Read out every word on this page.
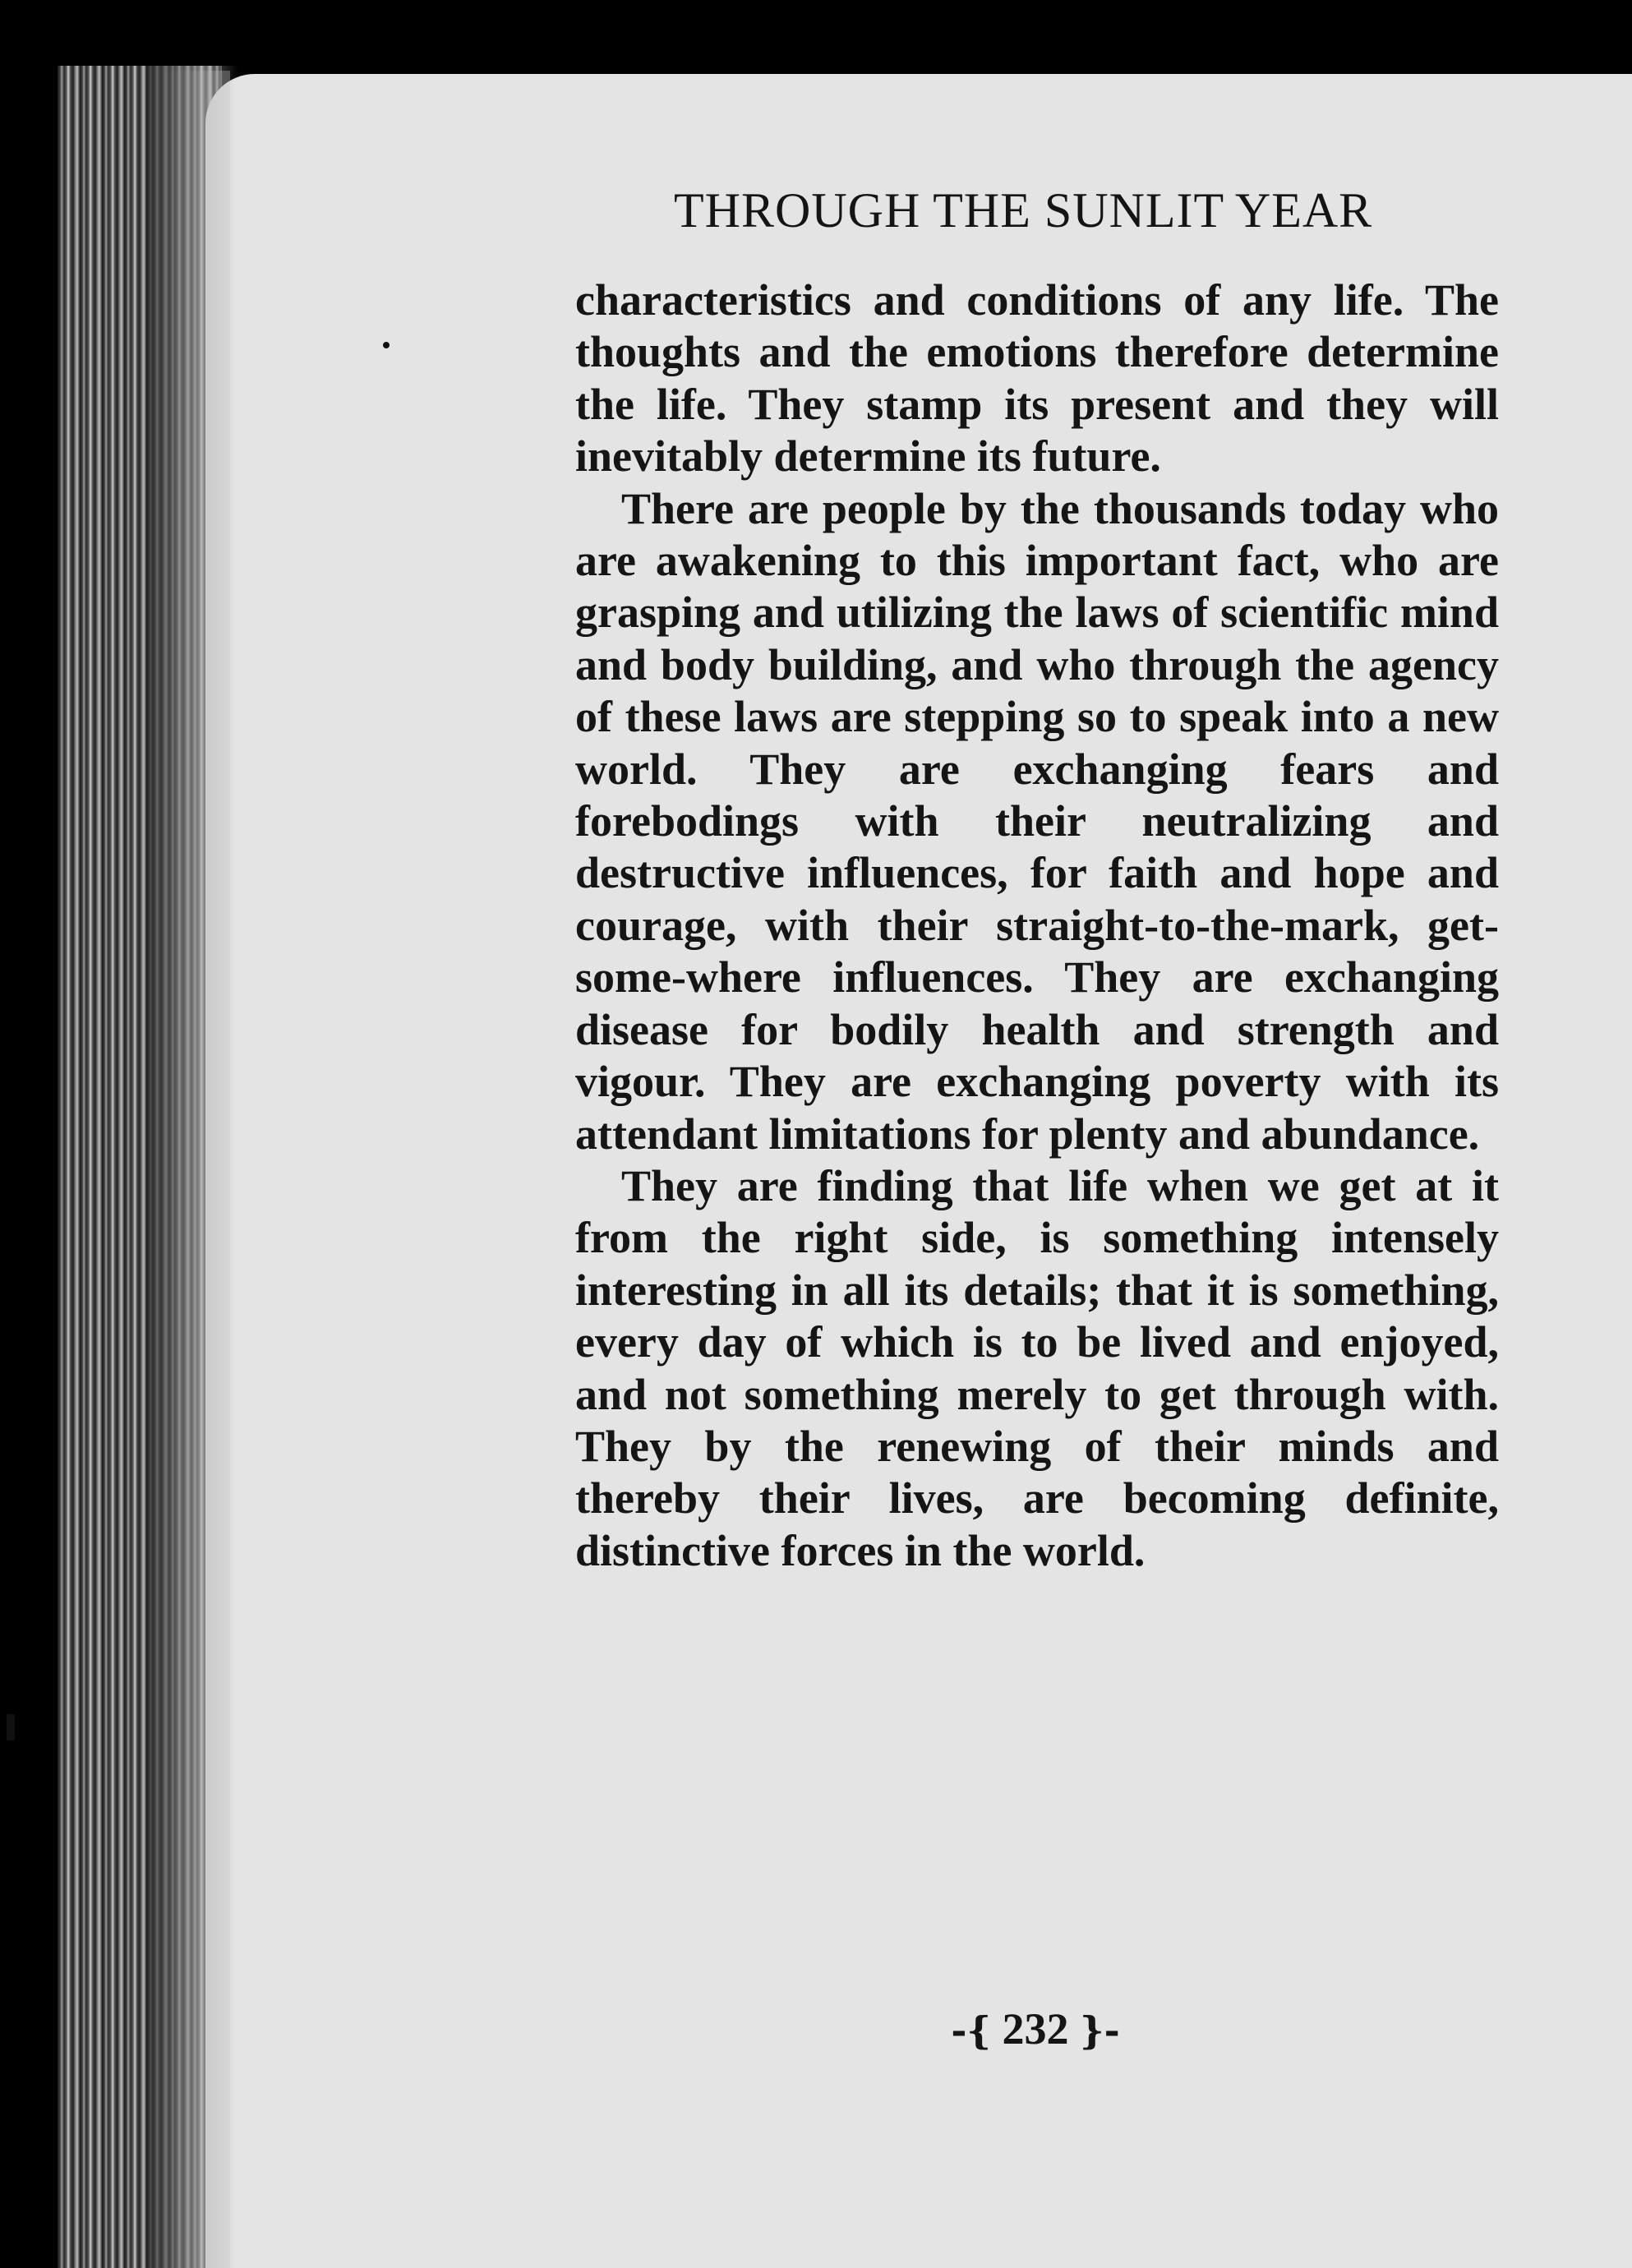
THROUGH THE SUNLIT YEAR

characteristics and conditions of any life. The thoughts and the emotions therefore determine the life. They stamp its present and they will inevitably determine its future.

There are people by the thousands today who are awakening to this important fact, who are grasping and utilizing the laws of scientific mind and body building, and who through the agency of these laws are stepping so to speak into a new world. They are exchanging fears and forebodings with their neutralizing and destructive influences, for faith and hope and courage, with their straight-to-the-mark, get-some-where influences. They are exchanging disease for bodily health and strength and vigour. They are exchanging poverty with its attendant limitations for plenty and abundance.

They are finding that life when we get at it from the right side, is something intensely interesting in all its details; that it is something, every day of which is to be lived and enjoyed, and not something merely to get through with. They by the renewing of their minds and thereby their lives, are becoming definite, distinctive forces in the world.

-{ 232 }-
